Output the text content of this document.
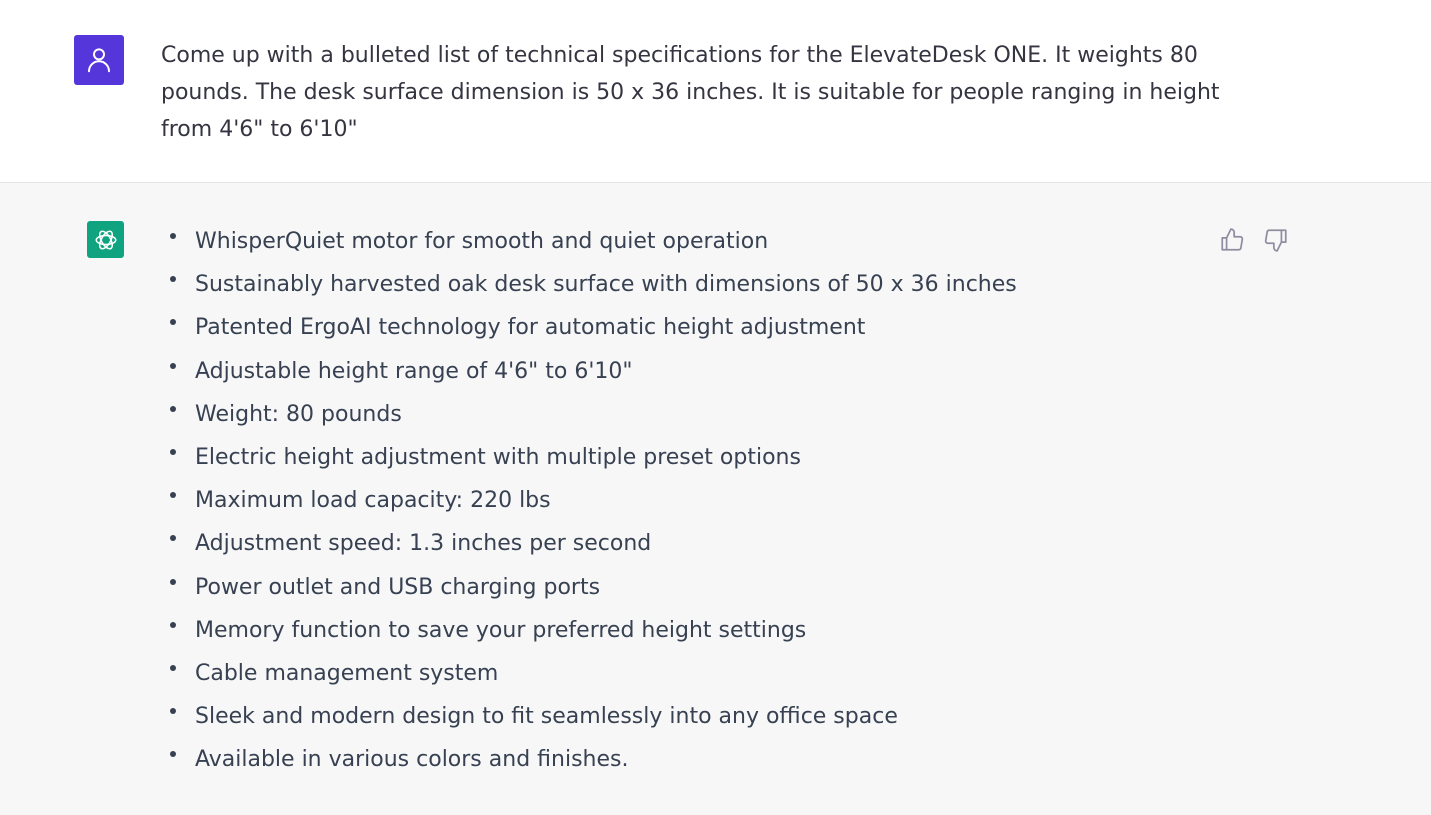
Come up with a bulleted list of technical specifications for the ElevateDesk ONE. It weights 80 pounds. The desk surface dimension is 50 x 36 inches. It is suitable for people ranging in height from 4'6" to 6'10"
WhisperQuiet motor for smooth and quiet operation
Sustainably harvested oak desk surface with dimensions of 50 x 36 inches
Patented ErgoAI technology for automatic height adjustment
Adjustable height range of 4'6" to 6'10"
Weight: 80 pounds
Electric height adjustment with multiple preset options
Maximum load capacity: 220 lbs
Adjustment speed: 1.3 inches per second
Power outlet and USB charging ports
Memory function to save your preferred height settings
Cable management system
Sleek and modern design to fit seamlessly into any office space
Available in various colors and finishes.
